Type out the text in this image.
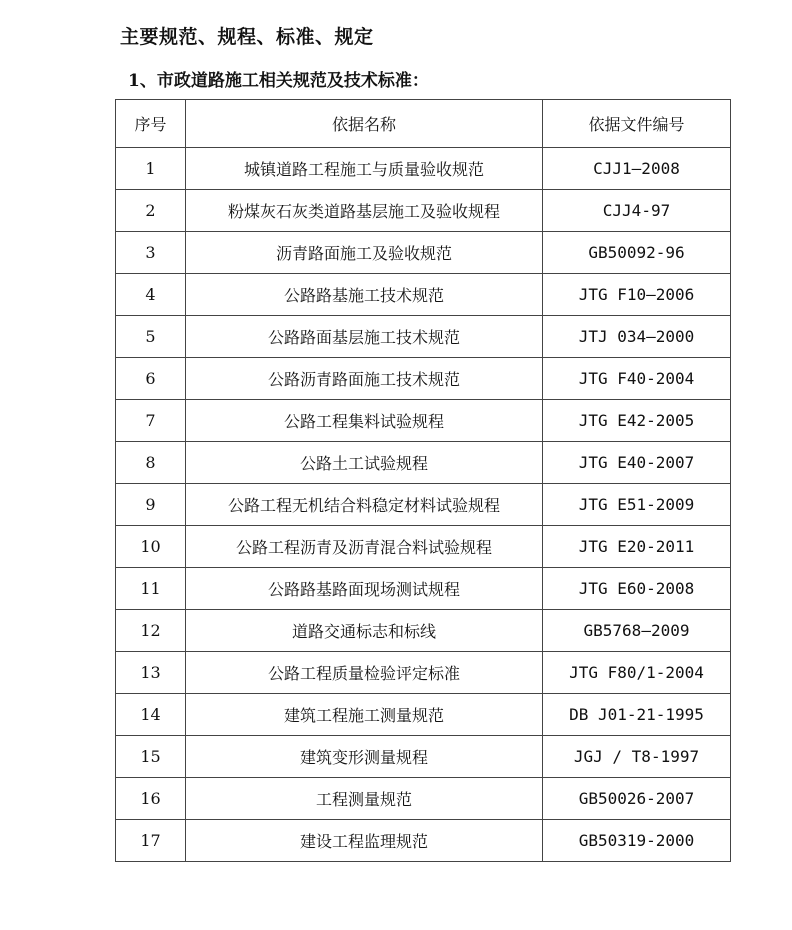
主要规范、规程、标准、规定
1、市政道路施工相关规范及技术标准：
序号	依据名称	依据文件编号
1	城镇道路工程施工与质量验收规范	CJJ1—2008
2	粉煤灰石灰类道路基层施工及验收规程	CJJ4-97
3	沥青路面施工及验收规范	GB50092-96
4	公路路基施工技术规范	JTG F10—2006
5	公路路面基层施工技术规范	JTJ 034—2000
6	公路沥青路面施工技术规范	JTG F40-2004
7	公路工程集料试验规程	JTG E42-2005
8	公路土工试验规程	JTG E40-2007
9	公路工程无机结合料稳定材料试验规程	JTG E51-2009
10	公路工程沥青及沥青混合料试验规程	JTG E20-2011
11	公路路基路面现场测试规程	JTG E60-2008
12	道路交通标志和标线	GB5768—2009
13	公路工程质量检验评定标准	JTG F80/1-2004
14	建筑工程施工测量规范	DB J01-21-1995
15	建筑变形测量规程	JGJ / T8-1997
16	工程测量规范	GB50026-2007
17	建设工程监理规范	GB50319-2000
